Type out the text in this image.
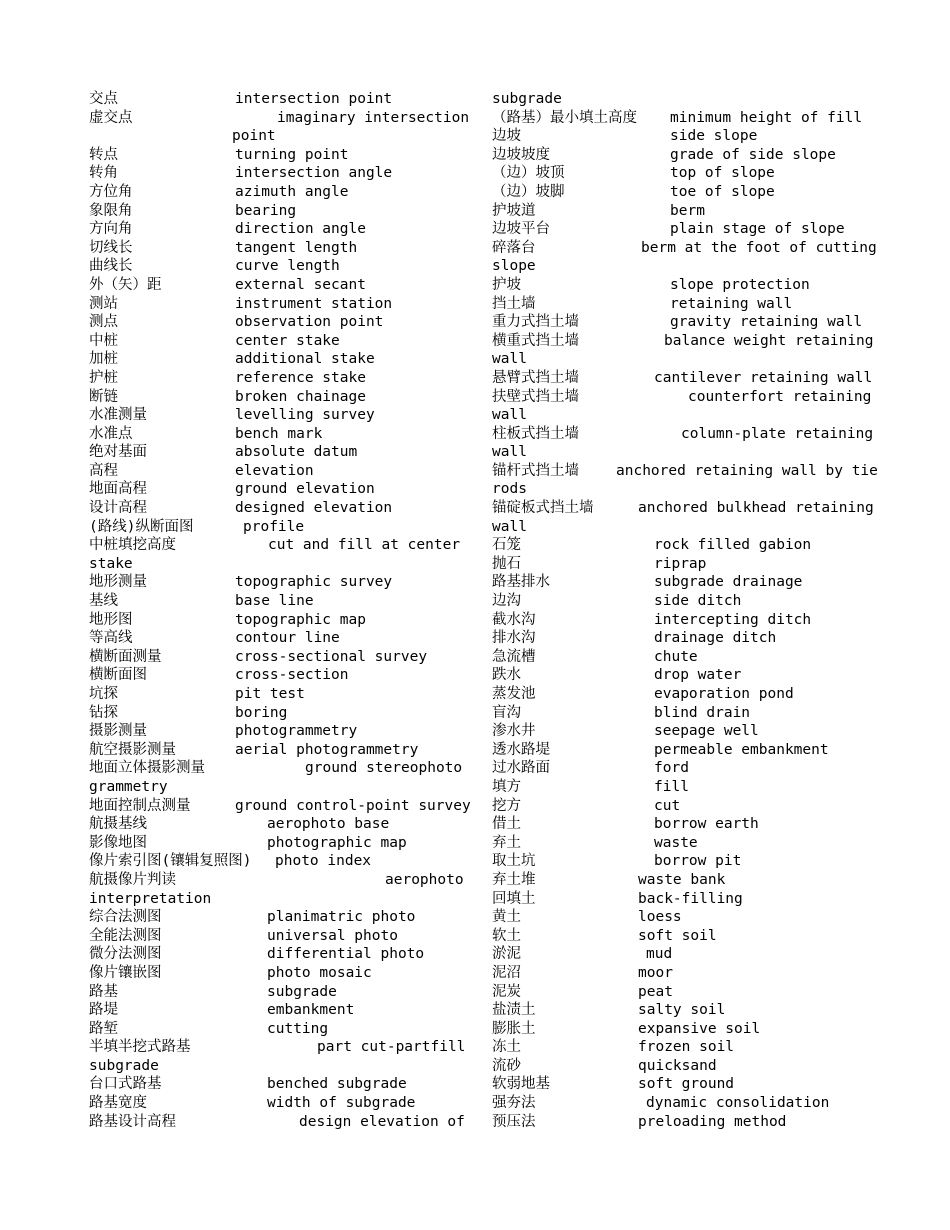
交点	intersection point
虚交点	imaginary intersection
point
转点	turning point
转角	intersection angle
方位角	azimuth angle
象限角	bearing
方向角	direction angle
切线长	tangent length
曲线长	curve length
外（矢）距	external secant
测站	instrument station
测点	observation point
中桩	center stake
加桩	additional stake
护桩	reference stake
断链	broken chainage
水准测量	levelling survey
水准点	bench mark
绝对基面	absolute datum
高程	elevation
地面高程	ground elevation
设计高程	designed elevation
(路线)纵断面图	profile
中桩填挖高度	cut and fill at center
stake
地形测量	topographic survey
基线	base line
地形图	topographic map
等高线	contour line
横断面测量	cross-sectional survey
横断面图	cross-section
坑探	pit test
钻探	boring
摄影测量	photogrammetry
航空摄影测量	aerial photogrammetry
地面立体摄影测量	ground stereophoto
grammetry
地面控制点测量	ground control-point survey
航摄基线	aerophoto base
影像地图	photographic map
像片索引图(镶辑复照图) photo index
航摄像片判读	aerophoto
interpretation
综合法测图	planimatric photo
全能法测图	universal photo
微分法测图	differential photo
像片镶嵌图	photo mosaic
路基	subgrade
路堤	embankment
路堑	cutting
半填半挖式路基	part cut-partfill
subgrade
台口式路基	benched subgrade
路基宽度	width of subgrade
路基设计高程	design elevation of
subgrade
（路基）最小填土高度 minimum height of fill
边坡	side slope
边坡坡度	grade of side slope
（边）坡顶	top of slope
（边）坡脚	toe of slope
护坡道	berm
边坡平台	plain stage of slope
碎落台	berm at the foot of cutting
slope
护坡	slope protection
挡土墙	retaining wall
重力式挡土墙	gravity retaining wall
横重式挡土墙	balance weight retaining
wall
悬臂式挡土墙	cantilever retaining wall
扶壁式挡土墙	counterfort retaining
wall
柱板式挡土墙	column-plate retaining
wall
锚杆式挡土墙	anchored retaining wall by tie
rods
锚碇板式挡土墙	anchored bulkhead retaining
wall
石笼	rock filled gabion
抛石	riprap
路基排水	subgrade drainage
边沟	side ditch
截水沟	intercepting ditch
排水沟	drainage ditch
急流槽	chute
跌水	drop water
蒸发池	evaporation pond
盲沟	blind drain
渗水井	seepage well
透水路堤	permeable embankment
过水路面	ford
填方	fill
挖方	cut
借土	borrow earth
弃土	waste
取土坑	borrow pit
弃土堆	waste bank
回填土	back-filling
黄土	loess
软土	soft soil
淤泥	mud
泥沼	moor
泥炭	peat
盐渍土	salty soil
膨胀土	expansive soil
冻土	frozen soil
流砂	quicksand
软弱地基	soft ground
强夯法	dynamic consolidation
预压法	preloading method
